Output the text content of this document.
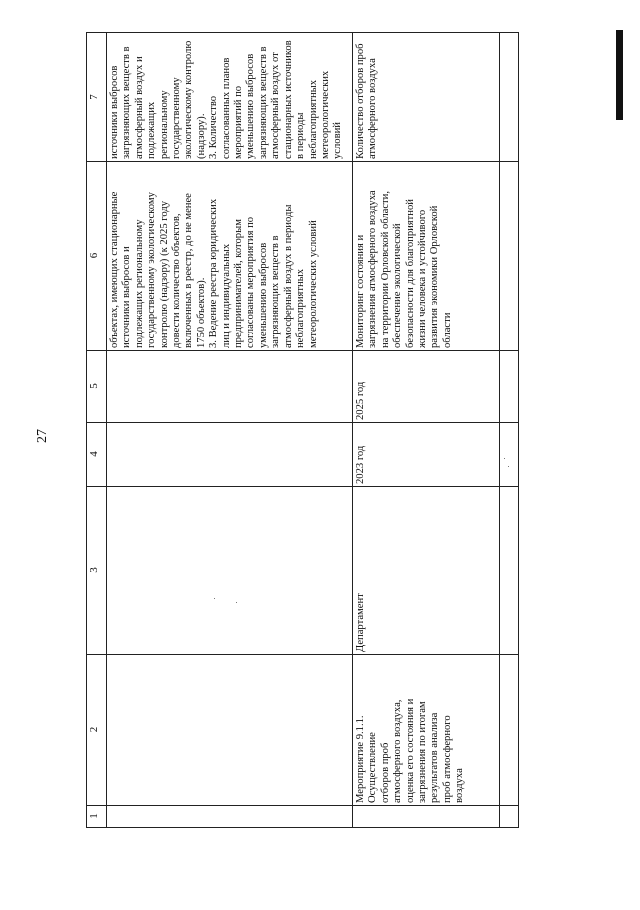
27
7
6
5
4
3
2
1
источники выбросов загрязняющих веществ в атмосферный воздух и подлежащих региональному государственному экологическому контролю (надзору). 3. Количество согласованных планов мероприятий по уменьшению выбросов загрязняющих веществ в атмосферный воздух от стационарных источников в периоды неблагоприятных метеорологических условий
объектах, имеющих стационарные источники выбросов и подлежащих региональному государственному экологическому контролю (надзору) (к 2025 году довести количество объектов, включенных в реестр, до не менее 1750 объектов). 3. Ведение реестра юридических лиц и индивидуальных предпринимателей, которым согласованы мероприятия по уменьшению выбросов загрязняющих веществ в атмосферный воздух в периоды неблагоприятных метеорологических условий
Количество отборов проб атмосферного воздуха
Мониторинг состояния и загрязнения атмосферного воздуха на территории Орловской области, обеспечение экологической безопасности для благоприятной жизни человека и устойчивого развития экономики Орловской области
2025 год
2023 год
Департамент
Мероприятие 9.1.1. Осуществление отборов проб атмосферного воздуха, оценка его состояния и загрязнения по итогам результатов анализа проб атмосферного воздуха
